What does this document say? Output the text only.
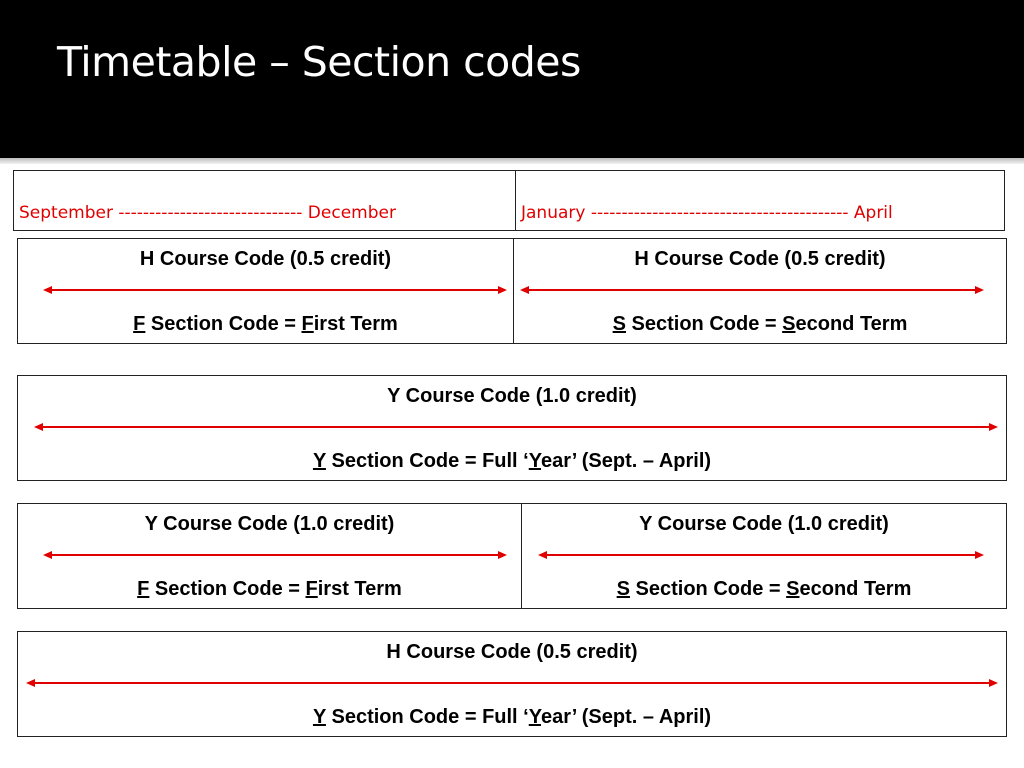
Timetable – Section codes
September ------------------------------ December	January ------------------------------------------ April
H Course Code (0.5 credit)
F Section Code = First Term
H Course Code (0.5 credit)
S Section Code = Second Term
Y Course Code (1.0 credit)
Y Section Code = Full ‘Year’ (Sept. – April)
Y Course Code (1.0 credit)
F Section Code = First Term
Y Course Code (1.0 credit)
S Section Code = Second Term
H Course Code (0.5 credit)
Y Section Code = Full ‘Year’ (Sept. – April)
